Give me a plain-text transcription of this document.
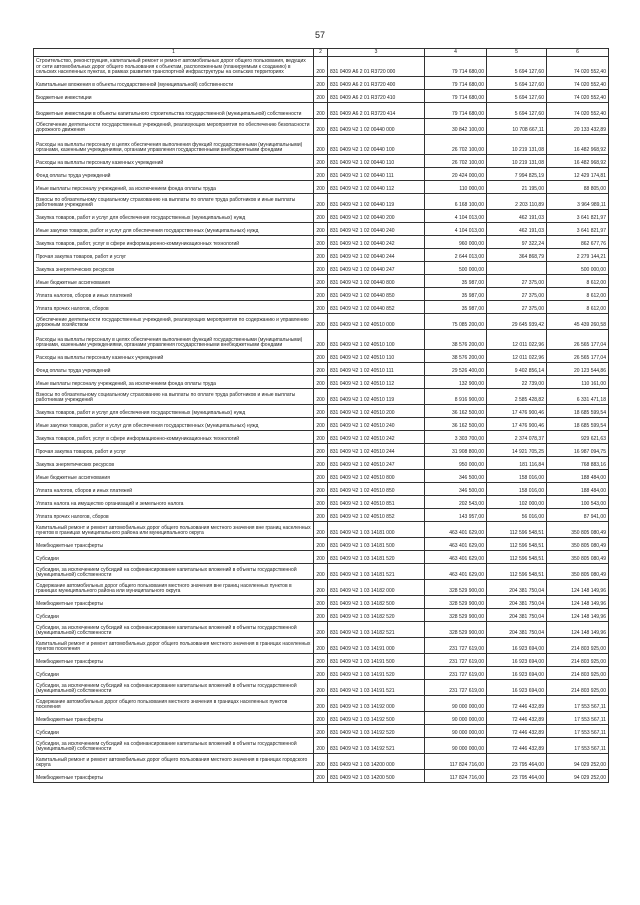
57
1	2	3	4	5	6
Строительство, реконструкция, капитальный ремонт и ремонт автомобильных дорог общего пользования, ведущих от сети автомобильных дорог общего пользования к объектам, расположенным (планируемым к созданию) в сельских населенных пунктах, в рамках развития транспортной инфраструктуры на сельских территориях	200	831 0409 А6 2 01 R3720 000	79 714 680,00	5 694 127,60	74 020 552,40
Капитальные вложения в объекты государственной (муниципальной) собственности	200	831 0409 А6 2 01 R3720 400	79 714 680,00	5 694 127,60	74 020 552,40
Бюджетные инвестиции	200	831 0409 А6 2 01 R3720 410	79 714 680,00	5 694 127,60	74 020 552,40
Бюджетные инвестиции в объекты капитального строительства государственной (муниципальной) собственности	200	831 0409 А6 2 01 R3720 414	79 714 680,00	5 694 127,60	74 020 552,40
Обеспечение деятельности государственных учреждений, реализующих мероприятия по обеспечению безопасности дорожного движения	200	831 0409 Ч2 1 02 00440 000	30 842 100,00	10 708 667,11	20 133 432,89
Расходы на выплаты персоналу в целях обеспечения выполнения функций государственными (муниципальными) органами, казенными учреждениями, органами управления государственными внебюджетными фондами	200	831 0409 Ч2 1 02 00440 100	26 702 100,00	10 219 131,08	16 482 968,92
Расходы на выплаты персоналу казенных учреждений	200	831 0409 Ч2 1 02 00440 110	26 702 100,00	10 219 131,08	16 482 968,92
Фонд оплаты труда учреждений	200	831 0409 Ч2 1 02 00440 111	20 424 000,00	7 994 825,19	12 429 174,81
Иные выплаты персоналу учреждений, за исключением фонда оплаты труда	200	831 0409 Ч2 1 02 00440 112	110 000,00	21 195,00	88 805,00
Взносы по обязательному социальному страхованию на выплаты по оплате труда работников и иные выплаты работникам учреждений	200	831 0409 Ч2 1 02 00440 119	6 168 100,00	2 203 110,89	3 964 989,11
Закупка товаров, работ и услуг для обеспечения государственных (муниципальных) нужд	200	831 0409 Ч2 1 02 00440 200	4 104 013,00	462 191,03	3 641 821,97
Иные закупки товаров, работ и услуг для обеспечения государственных (муниципальных) нужд	200	831 0409 Ч2 1 02 00440 240	4 104 013,00	462 191,03	3 641 821,97
Закупка товаров, работ, услуг в сфере информационно-коммуникационных технологий	200	831 0409 Ч2 1 02 00440 242	960 000,00	97 322,24	862 677,76
Прочая закупка товаров, работ и услуг	200	831 0409 Ч2 1 02 00440 244	2 644 013,00	364 868,79	2 279 144,21
Закупка энергетических ресурсов	200	831 0409 Ч2 1 02 00440 247	500 000,00		500 000,00
Иные бюджетные ассигнования	200	831 0409 Ч2 1 02 00440 800	35 987,00	27 375,00	8 612,00
Уплата налогов, сборов и иных платежей	200	831 0409 Ч2 1 02 00440 850	35 987,00	27 375,00	8 612,00
Уплата прочих налогов, сборов	200	831 0409 Ч2 1 02 00440 852	35 987,00	27 375,00	8 612,00
Обеспечение деятельности государственных учреждений, реализующих мероприятия по содержанию и управлению дорожным хозяйством	200	831 0409 Ч2 1 02 40510 000	75 085 200,00	29 645 939,42	45 439 260,58
Расходы на выплаты персоналу в целях обеспечения выполнения функций государственными (муниципальными) органами, казенными учреждениями, органами управления государственными внебюджетными фондами	200	831 0409 Ч2 1 02 40510 100	38 576 200,00	12 011 022,96	26 565 177,04
Расходы на выплаты персоналу казенных учреждений	200	831 0409 Ч2 1 02 40510 110	38 576 200,00	12 011 022,96	26 565 177,04
Фонд оплаты труда учреждений	200	831 0409 Ч2 1 02 40510 111	29 526 400,00	9 402 856,14	20 123 544,86
Иные выплаты персоналу учреждений, за исключением фонда оплаты труда	200	831 0409 Ч2 1 02 40510 112	132 900,00	22 739,00	110 161,00
Взносы по обязательному социальному страхованию на выплаты по оплате труда работников и иные выплаты работникам учреждений	200	831 0409 Ч2 1 02 40510 119	8 916 900,00	2 585 428,82	6 331 471,18
Закупка товаров, работ и услуг для обеспечения государственных (муниципальных) нужд	200	831 0409 Ч2 1 02 40510 200	36 162 500,00	17 476 900,46	18 685 599,54
Иные закупки товаров, работ и услуг для обеспечения государственных (муниципальных) нужд	200	831 0409 Ч2 1 02 40510 240	36 162 500,00	17 476 900,46	18 685 599,54
Закупка товаров, работ, услуг в сфере информационно-коммуникационных технологий	200	831 0409 Ч2 1 02 40510 242	3 303 700,00	2 374 078,37	929 621,63
Прочая закупка товаров, работ и услуг	200	831 0409 Ч2 1 02 40510 244	31 908 800,00	14 921 705,25	16 987 094,75
Закупка энергетических ресурсов	200	831 0409 Ч2 1 02 40510 247	950 000,00	181 116,84	768 883,16
Иные бюджетные ассигнования	200	831 0409 Ч2 1 02 40510 800	346 500,00	158 016,00	188 484,00
Уплата налогов, сборов и иных платежей	200	831 0409 Ч2 1 02 40510 850	346 500,00	158 016,00	188 484,00
Уплата налога на имущество организаций и земельного налога	200	831 0409 Ч2 1 02 40510 851	202 543,00	102 000,00	100 543,00
Уплата прочих налогов, сборов	200	831 0409 Ч2 1 02 40510 852	143 957,00	56 016,00	87 941,00
Капитальный ремонт и ремонт автомобильных дорог общего пользования местного значения вне границ населенных пунктов в границах муниципального района или муниципального округа	200	831 0409 Ч2 1 03 14181 000	463 401 629,00	112 596 548,51	350 805 080,49
Межбюджетные трансферты	200	831 0409 Ч2 1 03 14181 500	463 401 629,00	112 596 548,51	350 805 080,49
Субсидии	200	831 0409 Ч2 1 03 14181 520	463 401 629,00	112 596 548,51	350 805 080,49
Субсидии, за исключением субсидий на софинансирование капитальных вложений в объекты государственной (муниципальной) собственности	200	831 0409 Ч2 1 03 14181 521	463 401 629,00	112 596 548,51	350 805 080,49
Содержание автомобильных дорог общего пользования местного значения вне границ населенных пунктов в границах муниципального района или муниципального округа	200	831 0409 Ч2 1 03 14182 000	328 529 900,00	204 381 750,04	124 148 149,96
Межбюджетные трансферты	200	831 0409 Ч2 1 03 14182 500	328 529 900,00	204 381 750,04	124 148 149,96
Субсидии	200	831 0409 Ч2 1 03 14182 520	328 529 900,00	204 381 750,04	124 148 149,96
Субсидии, за исключением субсидий на софинансирование капитальных вложений в объекты государственной (муниципальной) собственности	200	831 0409 Ч2 1 03 14182 521	328 529 900,00	204 381 750,04	124 148 149,96
Капитальный ремонт и ремонт автомобильных дорог общего пользования местного значения в границах населенных пунктов поселения	200	831 0409 Ч2 1 03 14191 000	231 727 619,00	16 923 694,00	214 803 925,00
Межбюджетные трансферты	200	831 0409 Ч2 1 03 14191 500	231 727 619,00	16 923 694,00	214 803 925,00
Субсидии	200	831 0409 Ч2 1 03 14191 520	231 727 619,00	16 923 694,00	214 803 925,00
Субсидии, за исключением субсидий на софинансирование капитальных вложений в объекты государственной (муниципальной) собственности	200	831 0409 Ч2 1 03 14191 521	231 727 619,00	16 923 694,00	214 803 925,00
Содержание автомобильных дорог общего пользования местного значения в границах населенных пунктов поселения	200	831 0409 Ч2 1 03 14192 000	90 000 000,00	72 446 432,89	17 553 567,11
Межбюджетные трансферты	200	831 0409 Ч2 1 03 14192 500	90 000 000,00	72 446 432,89	17 553 567,11
Субсидии	200	831 0409 Ч2 1 03 14192 520	90 000 000,00	72 446 432,89	17 553 567,11
Субсидии, за исключением субсидий на софинансирование капитальных вложений в объекты государственной (муниципальной) собственности	200	831 0409 Ч2 1 03 14192 521	90 000 000,00	72 446 432,89	17 553 567,11
Капитальный ремонт и ремонт автомобильных дорог общего пользования местного значения в границах городского округа	200	831 0409 Ч2 1 03 14200 000	117 824 716,00	23 795 464,00	94 029 252,00
Межбюджетные трансферты	200	831 0409 Ч2 1 03 14200 500	117 824 716,00	23 795 464,00	94 029 252,00
